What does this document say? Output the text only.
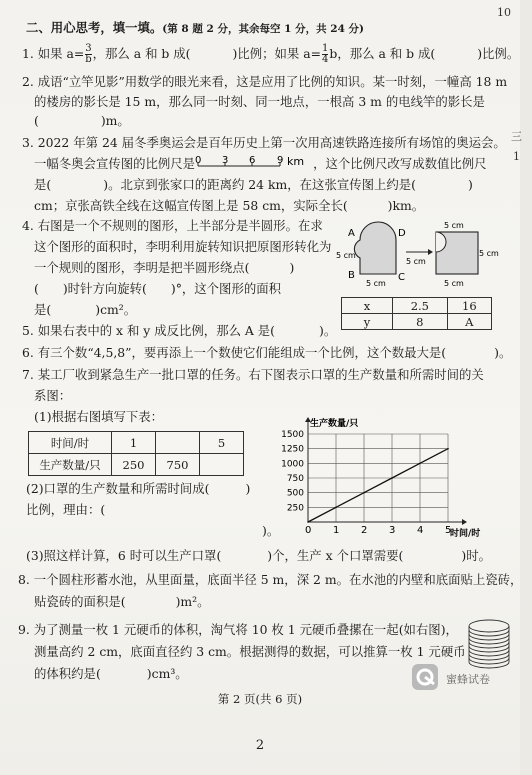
10
三
1
二、用心思考，填一填。(第 8 题 2 分，其余每空 1 分，共 24 分)
1. 如果 $a= \frac{3}{b}$ ，那么 a 和 b 成(	)比例；如果 $a= \frac{1}{4}$ b，那么 a 和 b 成(	)比例。
2. 成语“立竿见影”用数学的眼光来看，这是应用了比例的知识。某一时刻，一幢高 18 m
的楼房的影长是 15 m，那么同一时刻、同一地点，一根高 3 m 的电线竿的影长是
(	)m。
3. 2022 年第 24 届冬季奥运会是百年历史上第一次用高速铁路连接所有场馆的奥运会。
一幅冬奥会宣传图的比例尺是 0 3 6 9 km ，这个比例尺改写成数值比例尺
是(	)。北京到张家口的距离约 24 km，在这张宣传图上约是(	)
cm；京张高铁全线在这幅宣传图上是 58 cm，实际全长(	)km。
4. 右图是一个不规则的图形，上半部分是半圆形。在求
这个图形的面积时，李明利用旋转知识把原图形转化为
一个规则的图形，李明是把半圆形绕点(	)
( )时针方向旋转( )°，这个图形的面积
是(	)cm²。
A	D
B	C
5 cm
5 cm
5 cm
5 cm
5 cm
5 cm
x	2.5	16
y	8	A
5. 如果右表中的 x 和 y 成反比例，那么 A 是(	)。
6. 有三个数“4,5,8”，要再添上一个数使它们能组成一个比例，这个数最大是(	)。
7. 某工厂收到紧急生产一批口罩的任务。右下图表示口罩的生产数量和所需时间的关
系图：
(1)根据右图填写下表：
时间/时	1		5
生产数量/只	250	750	
(2)口罩的生产数量和所需时间成(	)
比例，理由：(
)。	0 1 2 3 4 5
250
500
750
1000
1250
1500
生产数量/只
时间/时
(3)照这样计算，6 时可以生产口罩(	)个，生产 x 个口罩需要(	)时。
8. 一个圆柱形蓄水池，从里面量，底面半径 5 m，深 2 m。在水池的内壁和底面贴上瓷砖，
贴瓷砖的面积是(	)m²。
9. 为了测量一枚 1 元硬币的体积，淘气将 10 枚 1 元硬币叠摞在一起(如右图)，
测量高约 2 cm，底面直径约 3 cm。根据测得的数据，可以推算一枚 1 元硬币
的体积约是(	)cm³。	蜜蜂试卷
第 2 页(共 6 页)
2
